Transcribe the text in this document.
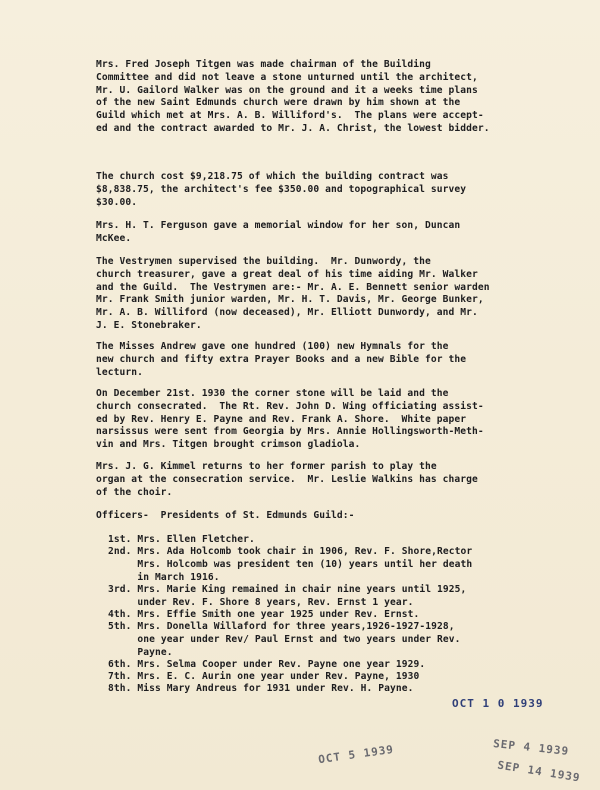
Mrs. Fred Joseph Titgen was made chairman of the Building
Committee and did not leave a stone unturned until the architect,
Mr. U. Gailord Walker was on the ground and it a weeks time plans
of the new Saint Edmunds church were drawn by him shown at the
Guild which met at Mrs. A. B. Williford's.  The plans were accept-
ed and the contract awarded to Mr. J. A. Christ, the lowest bidder.
The church cost $9,218.75 of which the building contract was
$8,838.75, the architect's fee $350.00 and topographical survey
$30.00.
Mrs. H. T. Ferguson gave a memorial window for her son, Duncan
McKee.
The Vestrymen supervised the building.  Mr. Dunwordy, the
church treasurer, gave a great deal of his time aiding Mr. Walker
and the Guild.  The Vestrymen are:- Mr. A. E. Bennett senior warden
Mr. Frank Smith junior warden, Mr. H. T. Davis, Mr. George Bunker,
Mr. A. B. Williford (now deceased), Mr. Elliott Dunwordy, and Mr.
J. E. Stonebraker.
The Misses Andrew gave one hundred (100) new Hymnals for the
new church and fifty extra Prayer Books and a new Bible for the
lecturn.
On December 21st. 1930 the corner stone will be laid and the
church consecrated.  The Rt. Rev. John D. Wing officiating assist-
ed by Rev. Henry E. Payne and Rev. Frank A. Shore.  White paper
narsissus were sent from Georgia by Mrs. Annie Hollingsworth-Meth-
vin and Mrs. Titgen brought crimson gladiola.
Mrs. J. G. Kimmel returns to her former parish to play the
organ at the consecration service.  Mr. Leslie Walkins has charge
of the choir.
Officers-  Presidents of St. Edmunds Guild:-
1st. Mrs. Ellen Fletcher.
2nd. Mrs. Ada Holcomb took chair in 1906, Rev. F. Shore,Rector
Mrs. Holcomb was president ten (10) years until her death
in March 1916.
3rd. Mrs. Marie King remained in chair nine years until 1925,
under Rev. F. Shore 8 years, Rev. Ernst 1 year.
4th. Mrs. Effie Smith one year 1925 under Rev. Ernst.
5th. Mrs. Donella Willaford for three years,1926-1927-1928,
one year under Rev/ Paul Ernst and two years under Rev.
Payne.
6th. Mrs. Selma Cooper under Rev. Payne one year 1929.
7th. Mrs. E. C. Aurin one year under Rev. Payne, 1930
8th. Miss Mary Andreus for 1931 under Rev. H. Payne.
OCT 1 0 1939
OCT 5 1939	SEP 4 1939
SEP 14 1939
